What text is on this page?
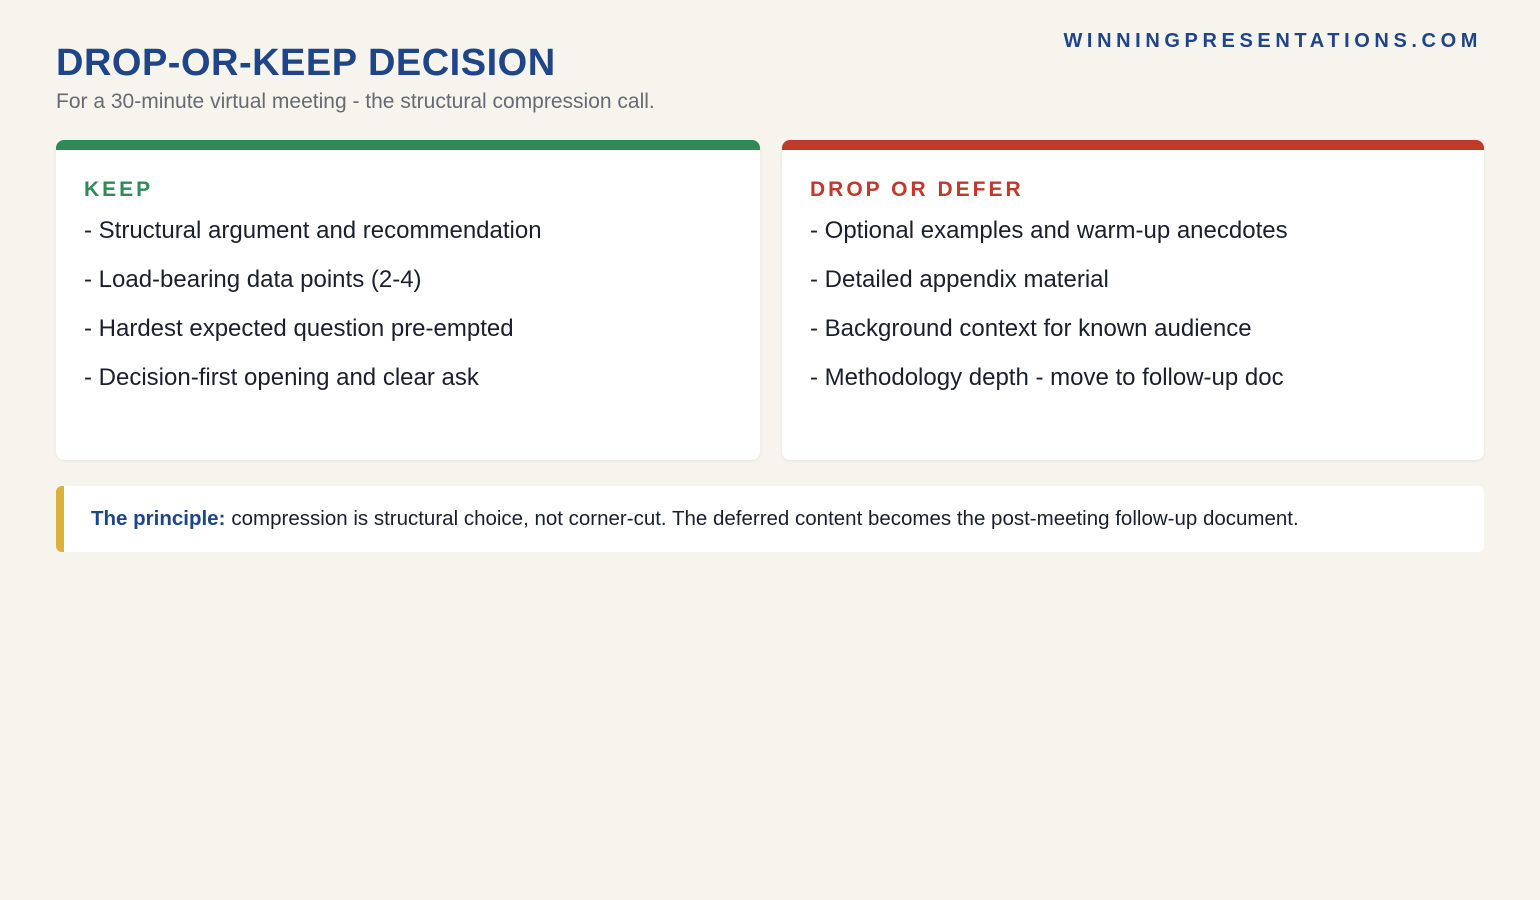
WINNINGPRESENTATIONS.COM
DROP-OR-KEEP DECISION
For a 30-minute virtual meeting - the structural compression call.
KEEP
- Structural argument and recommendation
- Load-bearing data points (2-4)
- Hardest expected question pre-empted
- Decision-first opening and clear ask
DROP OR DEFER
- Optional examples and warm-up anecdotes
- Detailed appendix material
- Background context for known audience
- Methodology depth - move to follow-up doc
The principle: compression is structural choice, not corner-cut. The deferred content becomes the post-meeting follow-up document.
